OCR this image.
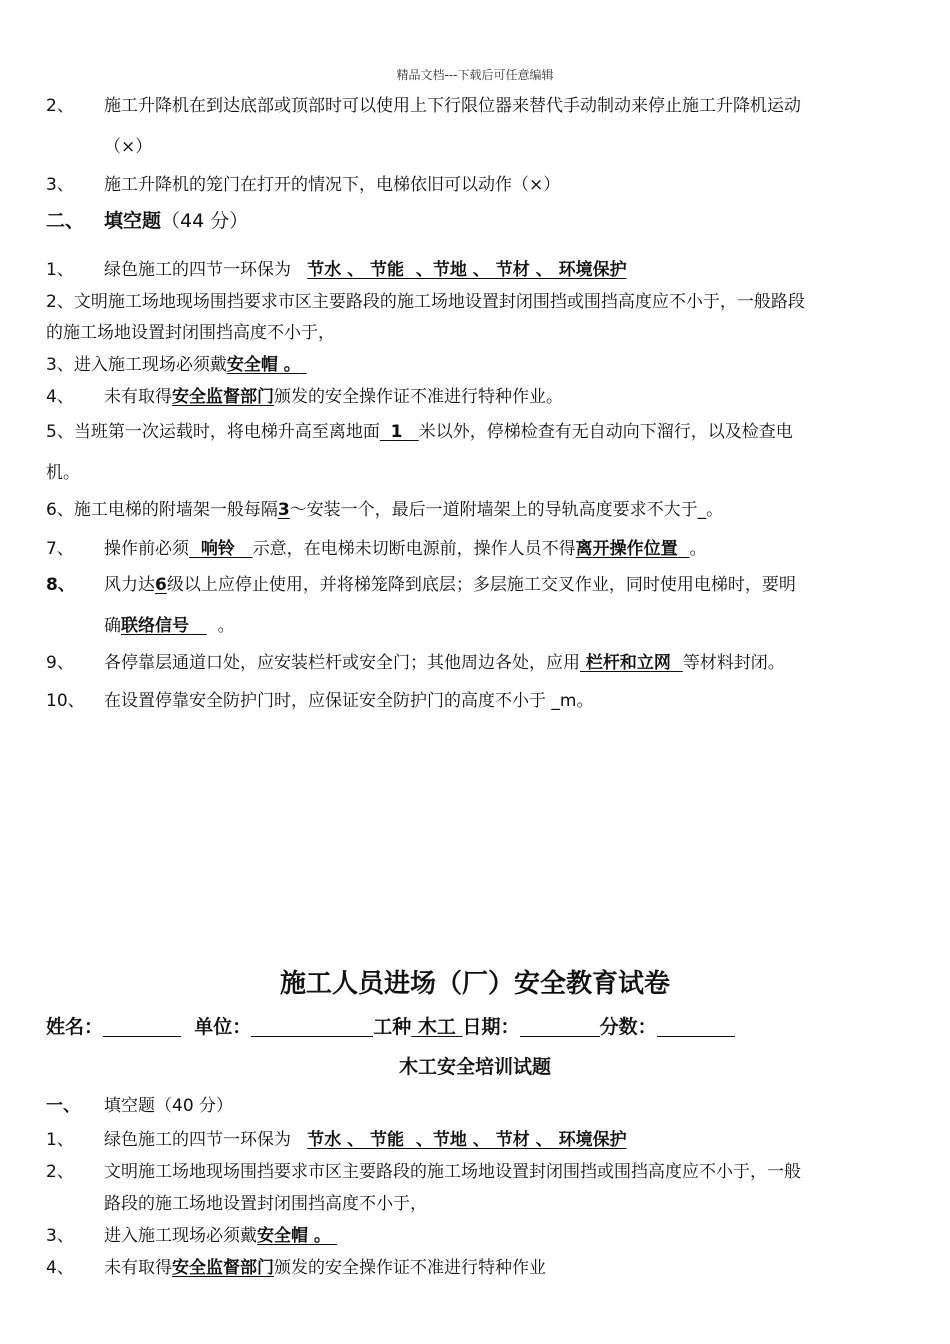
精品文档---下载后可任意编辑
2、 施工升降机在到达底部或顶部时可以使用上下行限位器来替代手动制动来停止施工升降机运动
（×）
3、 施工升降机的笼门在打开的情况下，电梯依旧可以动作（×）
二、 填空题（44 分）
1、 绿色施工的四节一环保为 节水 、 节能  、节地 、 节材 、 环境保护
2、文明施工场地现场围挡要求市区主要路段的施工场地设置封闭围挡或围挡高度应不小于，一般路段
的施工场地设置封闭围挡高度不小于，
3、进入施工现场必须戴安全帽 。
4、 未有取得安全监督部门颁发的安全操作证不准进行特种作业。
5、当班第一次运载时，将电梯升高至离地面 1 米以外，停梯检查有无自动向下溜行，以及检查电
机。
6、施工电梯的附墙架一般每隔3～安装一个，最后一道附墙架上的导轨高度要求不大于_。
7、 操作前必须 响铃 示意，在电梯未切断电源前，操作人员不得离开操作位置 。
8、 风力达6级以上应停止使用，并将梯笼降到底层；多层施工交叉作业，同时使用电梯时，要明
确联络信号 。
9、 各停靠层通道口处，应安装栏杆或安全门；其他周边各处，应用 栏杆和立网 等材料封闭。
10、 在设置停靠安全防护门时，应保证安全防护门的高度不小于 _m。
施工人员进场（厂）安全教育试卷
姓名：	单位：	工种 木工 日期：	分数：
木工安全培训试题
一、 填空题（40 分）
1、 绿色施工的四节一环保为 节水 、 节能  、节地 、 节材 、 环境保护
2、 文明施工场地现场围挡要求市区主要路段的施工场地设置封闭围挡或围挡高度应不小于，一般
路段的施工场地设置封闭围挡高度不小于，
3、 进入施工现场必须戴安全帽 。
4、 未有取得安全监督部门颁发的安全操作证不准进行特种作业
